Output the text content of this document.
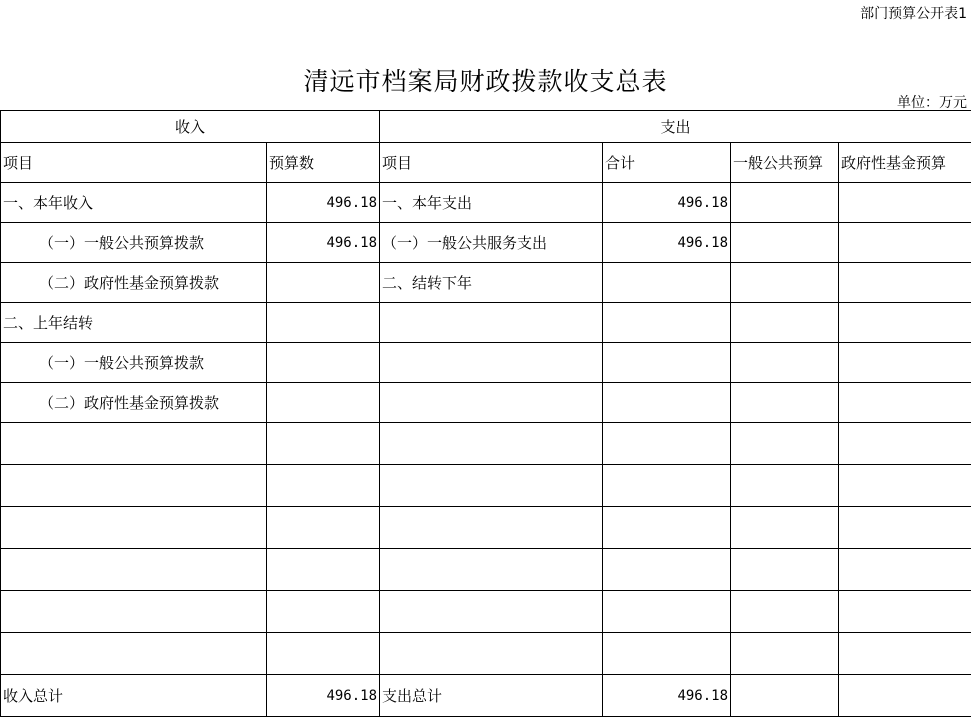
部门预算公开表1
清远市档案局财政拨款收支总表
单位：万元
收入		支出			
项目	预算数	项目	合计	一般公共预算	政府性基金预算
一、本年收入	496.18	一、本年支出	496.18		
（一）一般公共预算拨款	496.18	（一）一般公共服务支出	496.18		
（二）政府性基金预算拨款		二、结转下年			
二、上年结转					
（一）一般公共预算拨款					
（二）政府性基金预算拨款					

收入总计	496.18	支出总计	496.18		
